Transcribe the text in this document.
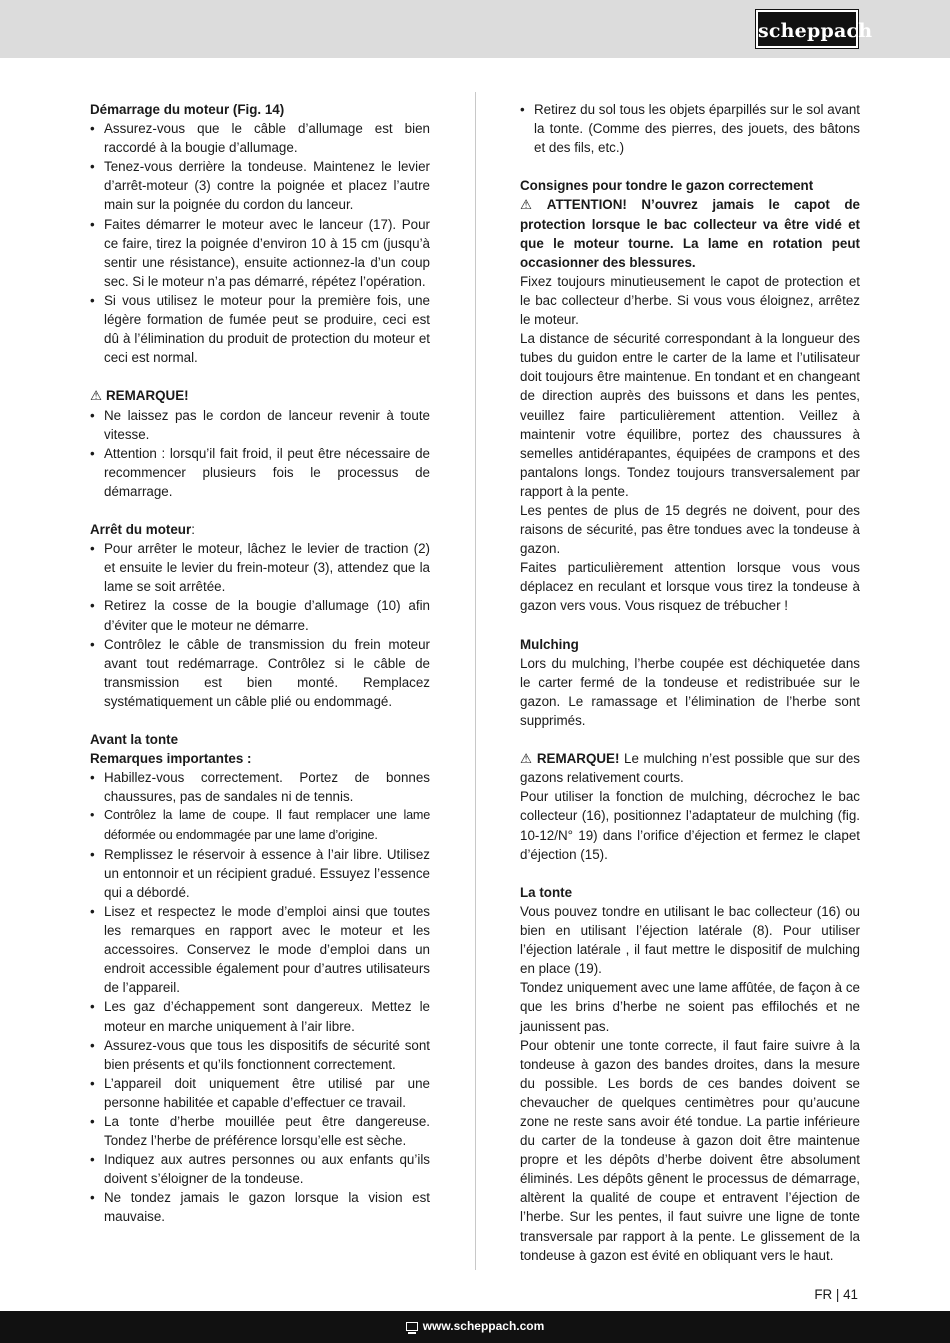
scheppach

Démarrage du moteur (Fig. 14)

• Assurez-vous que le câble d’allumage est bien raccordé à la bougie d’allumage.
• Tenez-vous derrière la tondeuse. Maintenez le levier d’arrêt-moteur (3) contre la poignée et placez l’autre main sur la poignée du cordon du lanceur.
• Faites démarrer le moteur avec le lanceur (17). Pour ce faire, tirez la poignée d’environ 10 à 15 cm (jusqu’à sentir une résistance), ensuite actionnez-la d’un coup sec. Si le moteur n’a pas démarré, répétez l’opération.
• Si vous utilisez le moteur pour la première fois, une légère formation de fumée peut se produire, ceci est dû à l’élimination du produit de protection du moteur et ceci est normal.

⚠ REMARQUE!

• Ne laissez pas le cordon de lanceur revenir à toute vitesse.
• Attention : lorsqu’il fait froid, il peut être nécessaire de recommencer plusieurs fois le processus de démarrage.

Arrêt du moteur:

• Pour arrêter le moteur, lâchez le levier de traction (2) et ensuite le levier du frein-moteur (3), attendez que la lame se soit arrêtée.
• Retirez la cosse de la bougie d’allumage (10) afin d’éviter que le moteur ne démarre.
• Contrôlez le câble de transmission du frein moteur avant tout redémarrage. Contrôlez si le câble de transmission est bien monté. Remplacez systématiquement un câble plié ou endommagé.

Avant la tonte

Remarques importantes :

• Habillez-vous correctement. Portez de bonnes chaussures, pas de sandales ni de tennis.
• Contrôlez la lame de coupe. Il faut remplacer une lame déformée ou endommagée par une lame d’origine.
• Remplissez le réservoir à essence à l’air libre. Utilisez un entonnoir et un récipient gradué. Essuyez l’essence qui a débordé.
• Lisez et respectez le mode d’emploi ainsi que toutes les remarques en rapport avec le moteur et les accessoires. Conservez le mode d’emploi dans un endroit accessible également pour d’autres utilisateurs de l’appareil.
• Les gaz d’échappement sont dangereux. Mettez le moteur en marche uniquement à l’air libre.
• Assurez-vous que tous les dispositifs de sécurité sont bien présents et qu’ils fonctionnent correctement.
• L’appareil doit uniquement être utilisé par une personne habilitée et capable d’effectuer ce travail.
• La tonte d’herbe mouillée peut être dangereuse. Tondez l’herbe de préférence lorsqu’elle est sèche.
• Indiquez aux autres personnes ou aux enfants qu’ils doivent s’éloigner de la tondeuse.
• Ne tondez jamais le gazon lorsque la vision est mauvaise.
• Retirez du sol tous les objets éparpillés sur le sol avant la tonte. (Comme des pierres, des jouets, des bâtons et des fils, etc.)

Consignes pour tondre le gazon correctement

⚠ ATTENTION! N’ouvrez jamais le capot de protection lorsque le bac collecteur va être vidé et que le moteur tourne. La lame en rotation peut occasionner des blessures.

Fixez toujours minutieusement le capot de protection et le bac collecteur d’herbe. Si vous vous éloignez, arrêtez le moteur.

La distance de sécurité correspondant à la longueur des tubes du guidon entre le carter de la lame et l’utilisateur doit toujours être maintenue. En tondant et en changeant de direction auprès des buissons et dans les pentes, veuillez faire particulièrement attention. Veillez à maintenir votre équilibre, portez des chaussures à semelles antidérapantes, équipées de crampons et des pantalons longs. Tondez toujours transversalement par rapport à la pente.

Les pentes de plus de 15 degrés ne doivent, pour des raisons de sécurité, pas être tondues avec la tondeuse à gazon.

Faites particulièrement attention lorsque vous vous déplacez en reculant et lorsque vous tirez la tondeuse à gazon vers vous. Vous risquez de trébucher !

Mulching

Lors du mulching, l’herbe coupée est déchiquetée dans le carter fermé de la tondeuse et redistribuée sur le gazon. Le ramassage et l’élimination de l’herbe sont supprimés.

⚠ REMARQUE! Le mulching n’est possible que sur des gazons relativement courts.

Pour utiliser la fonction de mulching, décrochez le bac collecteur (16), positionnez l’adaptateur de mulching (fig. 10-12/N° 19) dans l’orifice d’éjection et fermez le clapet d’éjection (15).

La tonte

Vous pouvez tondre en utilisant le bac collecteur (16) ou bien en utilisant l’éjection latérale (8). Pour utiliser l’éjection latérale , il faut mettre le dispositif de mulching en place (19).

Tondez uniquement avec une lame affûtée, de façon à ce que les brins d’herbe ne soient pas effilochés et ne jaunissent pas.

Pour obtenir une tonte correcte, il faut faire suivre à la tondeuse à gazon des bandes droites, dans la mesure du possible. Les bords de ces bandes doivent se chevaucher de quelques centimètres pour qu’aucune zone ne reste sans avoir été tondue. La partie inférieure du carter de la tondeuse à gazon doit être maintenue propre et les dépôts d’herbe doivent être absolument éliminés. Les dépôts gênent le processus de démarrage, altèrent la qualité de coupe et entravent l’éjection de l’herbe. Sur les pentes, il faut suivre une ligne de tonte transversale par rapport à la pente. Le glissement de la tondeuse à gazon est évité en obliquant vers le haut.

FR | 41
www.scheppach.com
